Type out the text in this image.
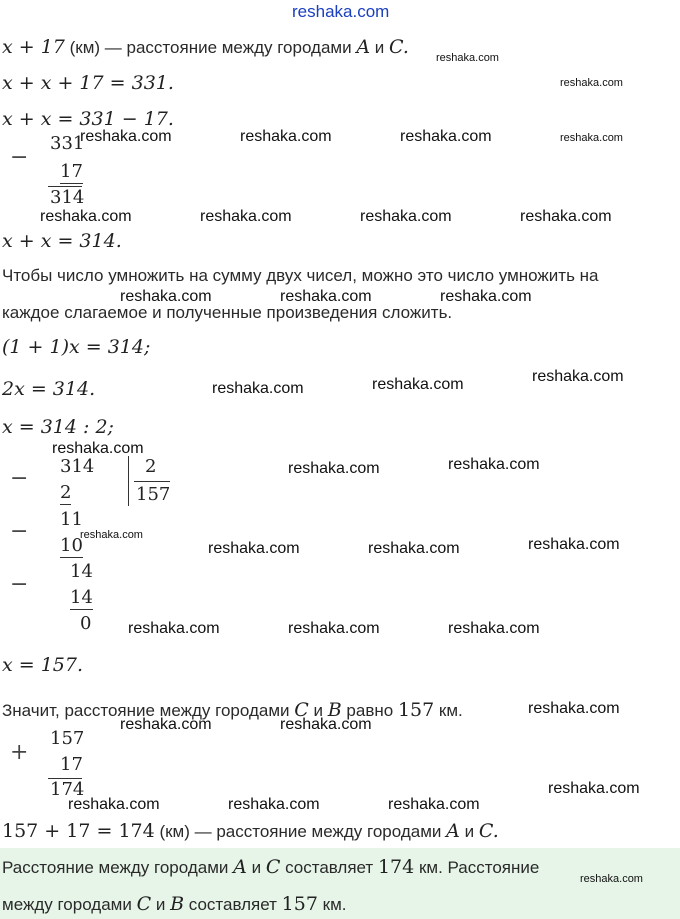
reshaka.com
x + 17 (км) — расстояние между городами A и C.
x + x + 17 = 331.
x + x = 331 − 17.
−
331
17
314
x + x = 314.
Чтобы число умножить на сумму двух чисел, можно это число умножить на
каждое слагаемое и полученные произведения сложить.
(1 + 1)x = 314;
2x = 314.
x = 314 : 2;
− 314	2
157
2
11
−
10
14
−
14
0
x = 157.
Значит, расстояние между городами C и B равно 157 км.
+
157
17
174
157 + 17 = 174 (км) — расстояние между городами A и C.
Расстояние между городами A и C составляет 174 км. Расстояние
между городами C и B составляет 157 км.
reshaka.com
reshaka.com
reshaka.com	reshaka.com	reshaka.com	reshaka.com
reshaka.com	reshaka.com	reshaka.com	reshaka.com
reshaka.com	reshaka.com	reshaka.com
reshaka.com	reshaka.com	reshaka.com
reshaka.com
reshaka.com	reshaka.com
reshaka.com
reshaka.com	reshaka.com	reshaka.com
reshaka.com	reshaka.com	reshaka.com
reshaka.com
reshaka.com	reshaka.com
reshaka.com
reshaka.com	reshaka.com	reshaka.com
reshaka.com
